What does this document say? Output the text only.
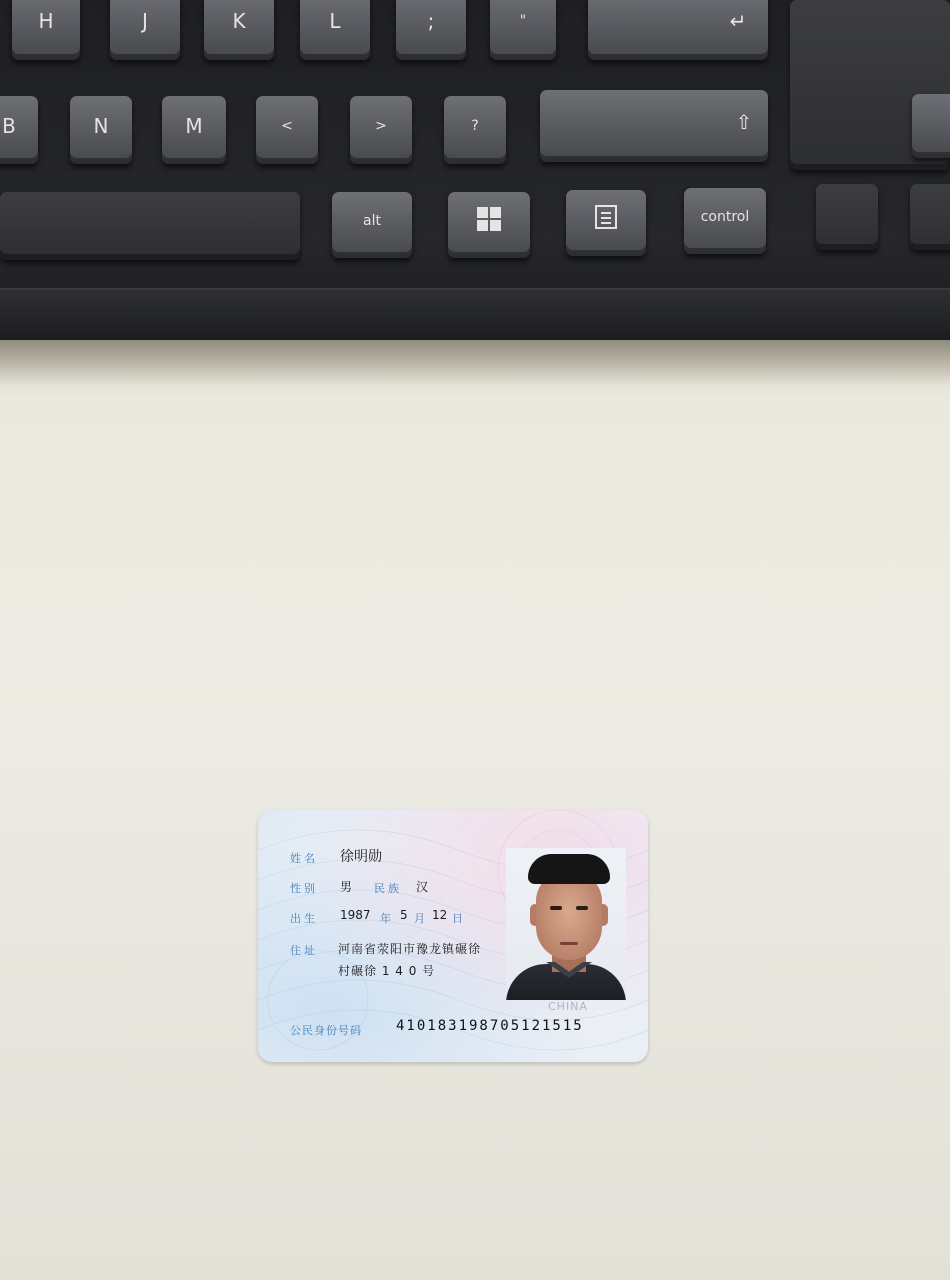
H	J	K	L	;	"	↵
B	N	M	<	>	?	⇧
alt	control
姓名 徐明勋
性别 男 民族 汉
出生 1987 年 5 月 12 日
住址 河南省荥阳市豫龙镇碾徐
村碾徐 1 4 0 号
CHINA
公民身份号码 410183198705121515
